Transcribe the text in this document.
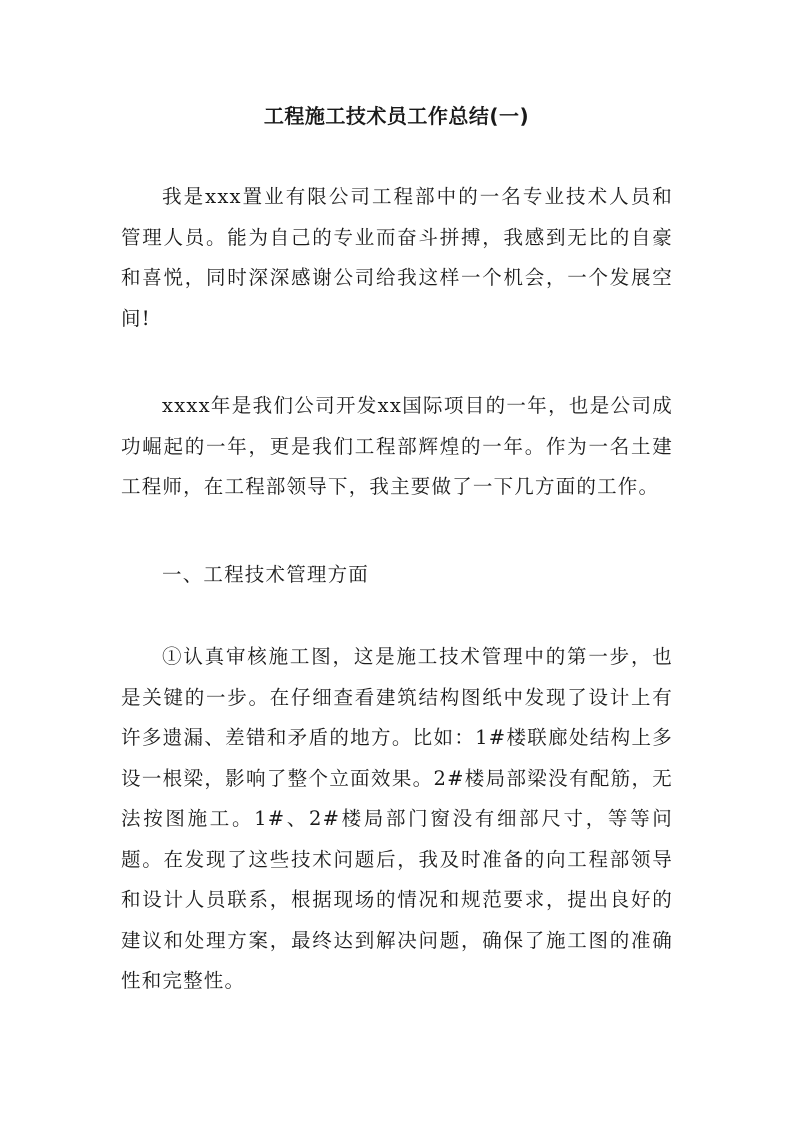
工程施工技术员工作总结(一)

我是xxx置业有限公司工程部中的一名专业技术人员和管理人员。能为自己的专业而奋斗拼搏，我感到无比的自豪和喜悦，同时深深感谢公司给我这样一个机会，一个发展空间!

xxxx年是我们公司开发xx国际项目的一年，也是公司成功崛起的一年，更是我们工程部辉煌的一年。作为一名土建工程师，在工程部领导下，我主要做了一下几方面的工作。

一、工程技术管理方面

①认真审核施工图，这是施工技术管理中的第一步，也是关键的一步。在仔细查看建筑结构图纸中发现了设计上有许多遗漏、差错和矛盾的地方。比如：1#楼联廊处结构上多设一根梁，影响了整个立面效果。2#楼局部梁没有配筋，无法按图施工。1#、2#楼局部门窗没有细部尺寸，等等问题。在发现了这些技术问题后，我及时准备的向工程部领导和设计人员联系，根据现场的情况和规范要求，提出良好的建议和处理方案，最终达到解决问题，确保了施工图的准确性和完整性。
